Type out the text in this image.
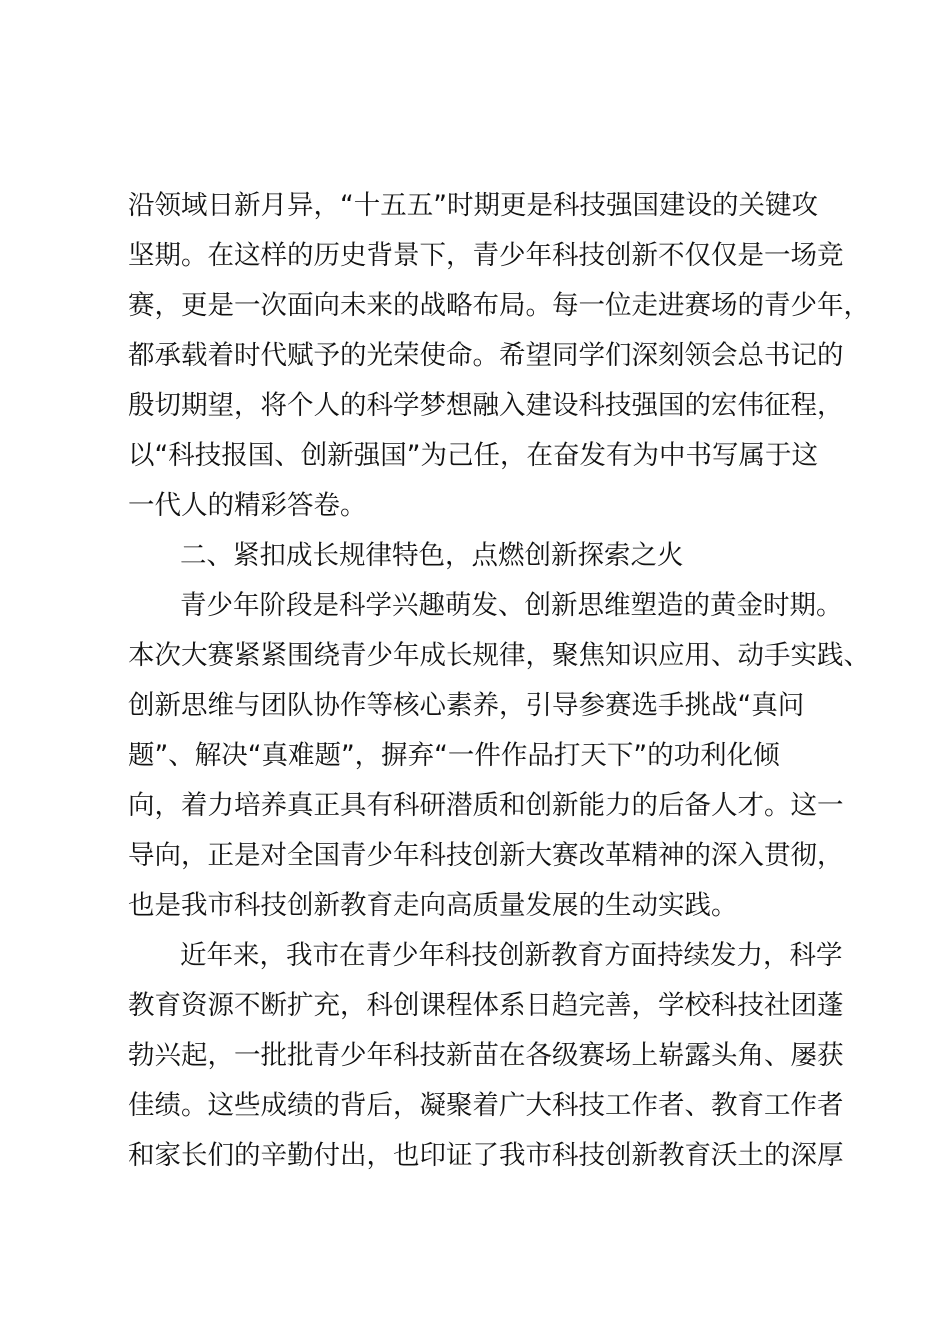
沿领域日新月异，“十五五”时期更是科技强国建设的关键攻
坚期。在这样的历史背景下，青少年科技创新不仅仅是一场竞
赛，更是一次面向未来的战略布局。每一位走进赛场的青少年，
都承载着时代赋予的光荣使命。希望同学们深刻领会总书记的
殷切期望，将个人的科学梦想融入建设科技强国的宏伟征程，
以“科技报国、创新强国”为己任，在奋发有为中书写属于这
一代人的精彩答卷。
二、紧扣成长规律特色，点燃创新探索之火
青少年阶段是科学兴趣萌发、创新思维塑造的黄金时期。
本次大赛紧紧围绕青少年成长规律，聚焦知识应用、动手实践、
创新思维与团队协作等核心素养，引导参赛选手挑战“真问
题”、解决“真难题”，摒弃“一件作品打天下”的功利化倾
向，着力培养真正具有科研潜质和创新能力的后备人才。这一
导向，正是对全国青少年科技创新大赛改革精神的深入贯彻，
也是我市科技创新教育走向高质量发展的生动实践。
近年来，我市在青少年科技创新教育方面持续发力，科学
教育资源不断扩充，科创课程体系日趋完善，学校科技社团蓬
勃兴起，一批批青少年科技新苗在各级赛场上崭露头角、屡获
佳绩。这些成绩的背后，凝聚着广大科技工作者、教育工作者
和家长们的辛勤付出，也印证了我市科技创新教育沃土的深厚
